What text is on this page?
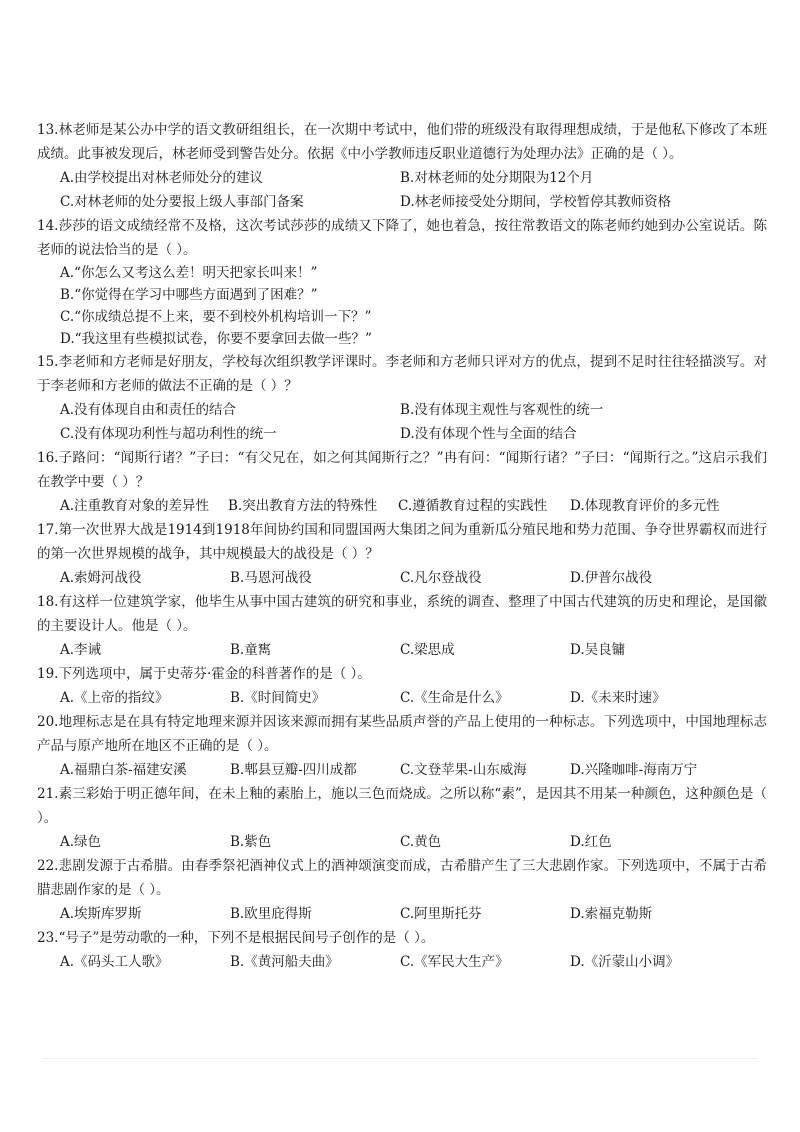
13.林老师是某公办中学的语文教研组组长，在一次期中考试中，他们带的班级没有取得理想成绩，于是他私下修改了本班成绩。此事被发现后，林老师受到警告处分。依据《中小学教师违反职业道德行为处理办法》正确的是（ ）。

A.由学校提出对林老师处分的建议	B.对林老师的处分期限为12个月
C.对林老师的处分要报上级人事部门备案	D.林老师接受处分期间，学校暂停其教师资格

14.莎莎的语文成绩经常不及格，这次考试莎莎的成绩又下降了，她也着急，按往常教语文的陈老师约她到办公室说话。陈老师的说法恰当的是（ ）。

A.“你怎么又考这么差！明天把家长叫来！”
B.“你觉得在学习中哪些方面遇到了困难？”
C.“你成绩总提不上来，要不到校外机构培训一下？”
D.“我这里有些模拟试卷，你要不要拿回去做一些？”

15.李老师和方老师是好朋友，学校每次组织教学评课时。李老师和方老师只评对方的优点，提到不足时往往轻描淡写。对于李老师和方老师的做法不正确的是（ ）？

A.没有体现自由和责任的结合	B.没有体现主观性与客观性的统一
C.没有体现功利性与超功利性的统一	D.没有体现个性与全面的结合

16.子路问：“闻斯行诸？”子曰：“有父兄在，如之何其闻斯行之？”冉有问：“闻斯行诸？”子曰：“闻斯行之。”这启示我们在教学中要（ ）？

A.注重教育对象的差异性	B.突出教育方法的特殊性	C.遵循教育过程的实践性	D.体现教育评价的多元性

17.第一次世界大战是1914到1918年间协约国和同盟国两大集团之间为重新瓜分殖民地和势力范围、争夺世界霸权而进行的第一次世界规模的战争，其中规模最大的战役是（ ）？

A.索姆河战役	B.马恩河战役	C.凡尔登战役	D.伊普尔战役

18.有这样一位建筑学家，他毕生从事中国古建筑的研究和事业，系统的调查、整理了中国古代建筑的历史和理论，是国徽的主要设计人。他是（ ）。

A.李诫	B.童寯	C.梁思成	D.吴良镛

19.下列选项中，属于史蒂芬·霍金的科普著作的是（ ）。

A.《上帝的指纹》	B.《时间简史》	C.《生命是什么》	D.《未来时速》

20.地理标志是在具有特定地理来源并因该来源而拥有某些品质声誉的产品上使用的一种标志。下列选项中，中国地理标志产品与原产地所在地区不正确的是（ ）。

A.福鼎白茶-福建安溪	B.郫县豆瓣-四川成都	C.文登苹果-山东威海	D.兴隆咖啡-海南万宁

21.素三彩始于明正德年间，在未上釉的素胎上，施以三色而烧成。之所以称“素”，是因其不用某一种颜色，这种颜色是（ ）。

A.绿色	B.紫色	C.黄色	D.红色

22.悲剧发源于古希腊。由春季祭祀酒神仪式上的酒神颂演变而成，古希腊产生了三大悲剧作家。下列选项中，不属于古希腊悲剧作家的是（ ）。

A.埃斯库罗斯	B.欧里庇得斯	C.阿里斯托芬	D.索福克勒斯

23.“号子”是劳动歌的一种，下列不是根据民间号子创作的是（ ）。

A.《码头工人歌》	B.《黄河船夫曲》	C.《军民大生产》	D.《沂蒙山小调》
